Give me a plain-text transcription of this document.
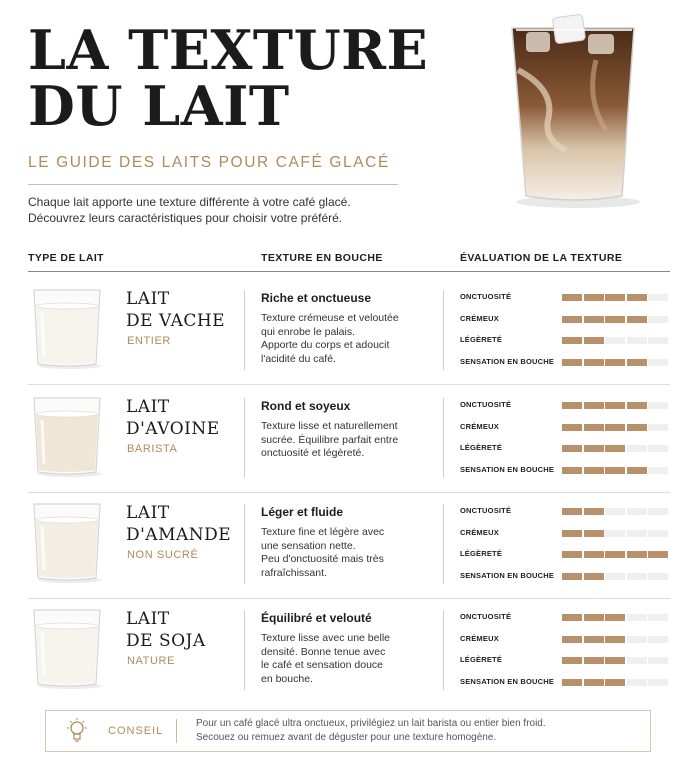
LA TEXTURE
DU LAIT
LE GUIDE DES LAITS POUR CAFÉ GLACÉ
Chaque lait apporte une texture différente à votre café glacé.
Découvrez leurs caractéristiques pour choisir votre préféré.
TYPE DE LAIT	TEXTURE EN BOUCHE	ÉVALUATION DE LA TEXTURE
LAIT
DE VACHE
ENTIER
Riche et onctueuse
Texture crémeuse et veloutée
qui enrobe le palais.
Apporte du corps et adoucit
l'acidité du café.
ONCTUOSITÉ
CRÉMEUX
LÉGÈRETÉ
SENSATION EN BOUCHE
LAIT
D'AVOINE
BARISTA
Rond et soyeux
Texture lisse et naturellement
sucrée. Équilibre parfait entre
onctuosité et légèreté.
ONCTUOSITÉ
CRÉMEUX
LÉGÈRETÉ
SENSATION EN BOUCHE
LAIT
D'AMANDE
NON SUCRÉ
Léger et fluide
Texture fine et légère avec
une sensation nette.
Peu d'onctuosité mais très
rafraîchissant.
ONCTUOSITÉ
CRÉMEUX
LÉGÈRETÉ
SENSATION EN BOUCHE
LAIT
DE SOJA
NATURE
Équilibré et velouté
Texture lisse avec une belle
densité. Bonne tenue avec
le café et sensation douce
en bouche.
ONCTUOSITÉ
CRÉMEUX
LÉGÈRETÉ
SENSATION EN BOUCHE
CONSEIL
Pour un café glacé ultra onctueux, privilégiez un lait barista ou entier bien froid.
Secouez ou remuez avant de déguster pour une texture homogène.
